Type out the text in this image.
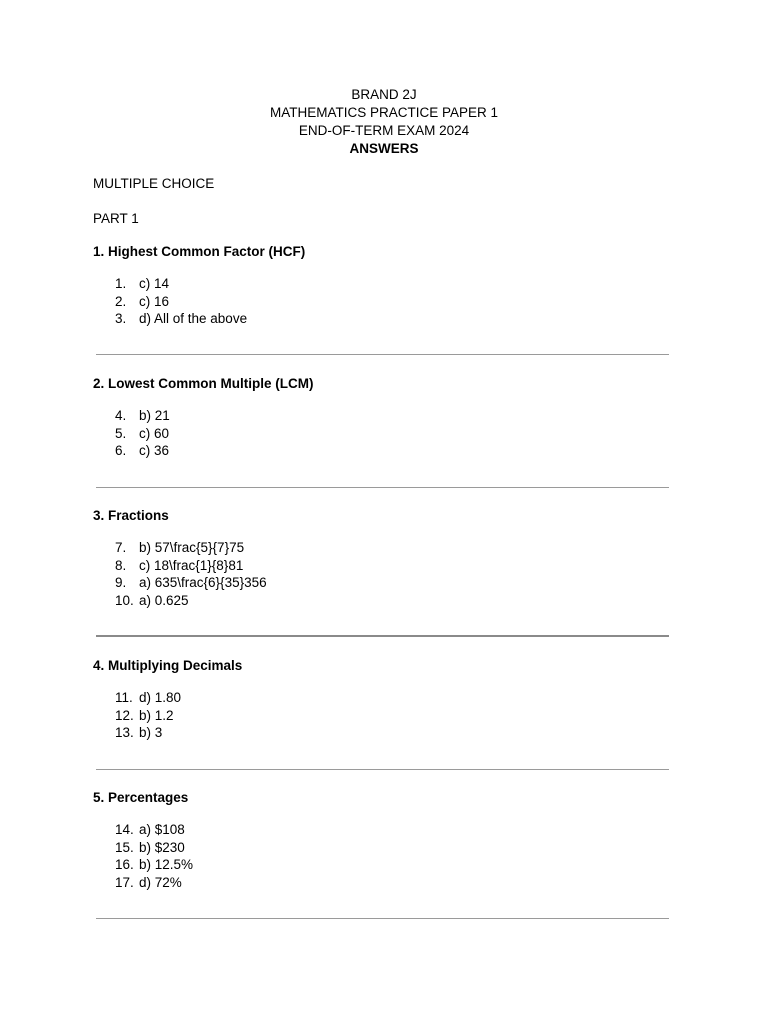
BRAND 2J
MATHEMATICS PRACTICE PAPER 1
END-OF-TERM EXAM 2024
ANSWERS
MULTIPLE CHOICE
PART 1
1. Highest Common Factor (HCF)
1. c) 14
2. c) 16
3. d) All of the above
2. Lowest Common Multiple (LCM)
4. b) 21
5. c) 60
6. c) 36
3. Fractions
7. b) 57\frac{5}{7}75
8. c) 18\frac{1}{8}81
9. a) 635\frac{6}{35}356
10. a) 0.625
4. Multiplying Decimals
11. d) 1.80
12. b) 1.2
13. b) 3
5. Percentages
14. a) $108
15. b) $230
16. b) 12.5%
17. d) 72%
